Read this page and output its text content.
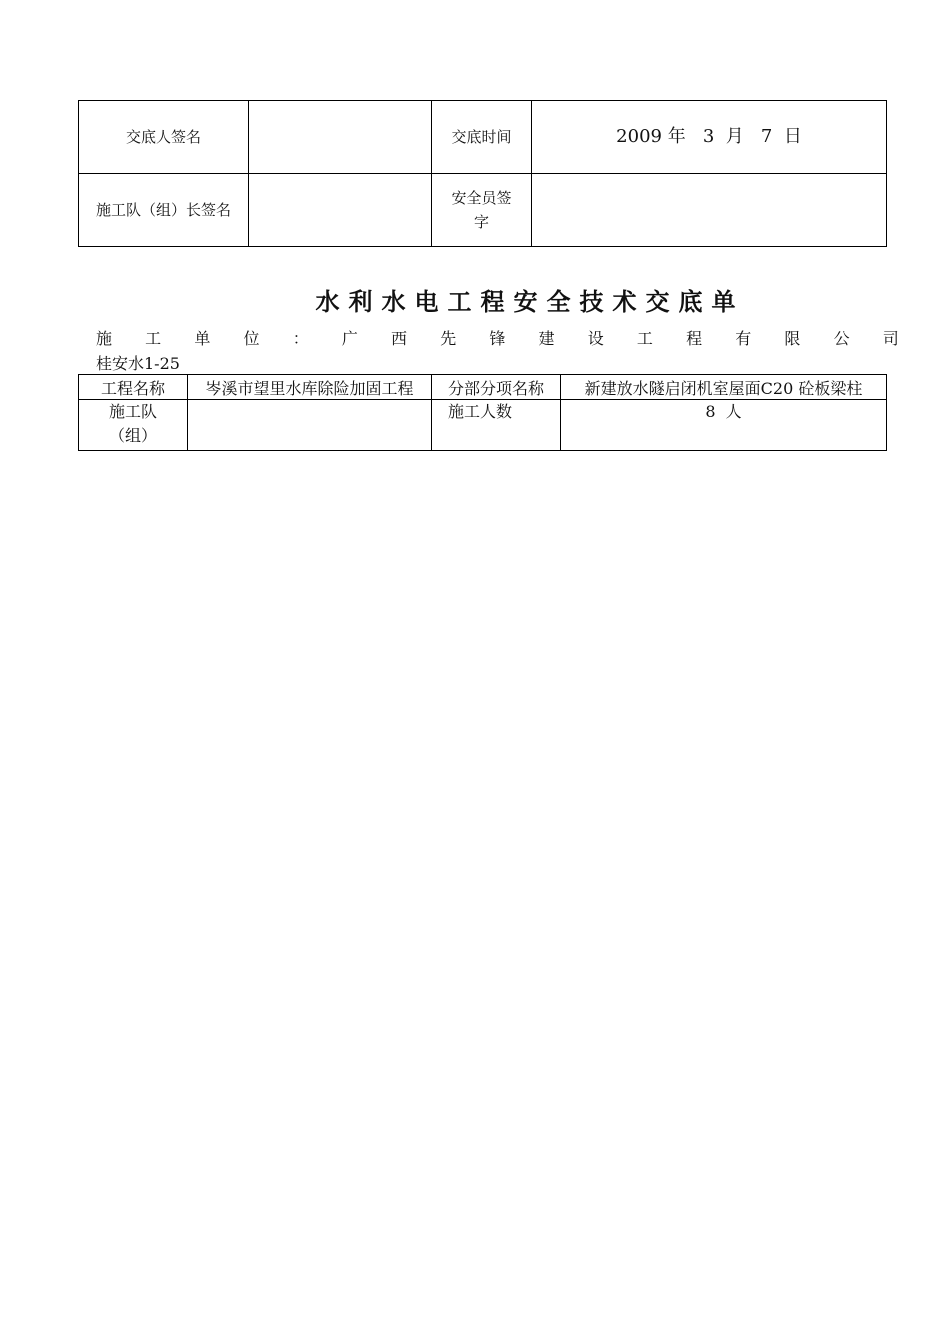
交底人签名		交底时间	2009 年   3  月   7  日
施工队（组）长签名		安全员签字	
水利水电工程安全技术交底单
施 工 单 位 ： 广 西 先 锋 建 设 工 程 有 限 公 司
桂安水1-25
工程名称	岑溪市望里水库除险加固工程	分部分项名称	新建放水隧启闭机室屋面C20 砼板梁柱
施工队（组）		施工人数	8  人
